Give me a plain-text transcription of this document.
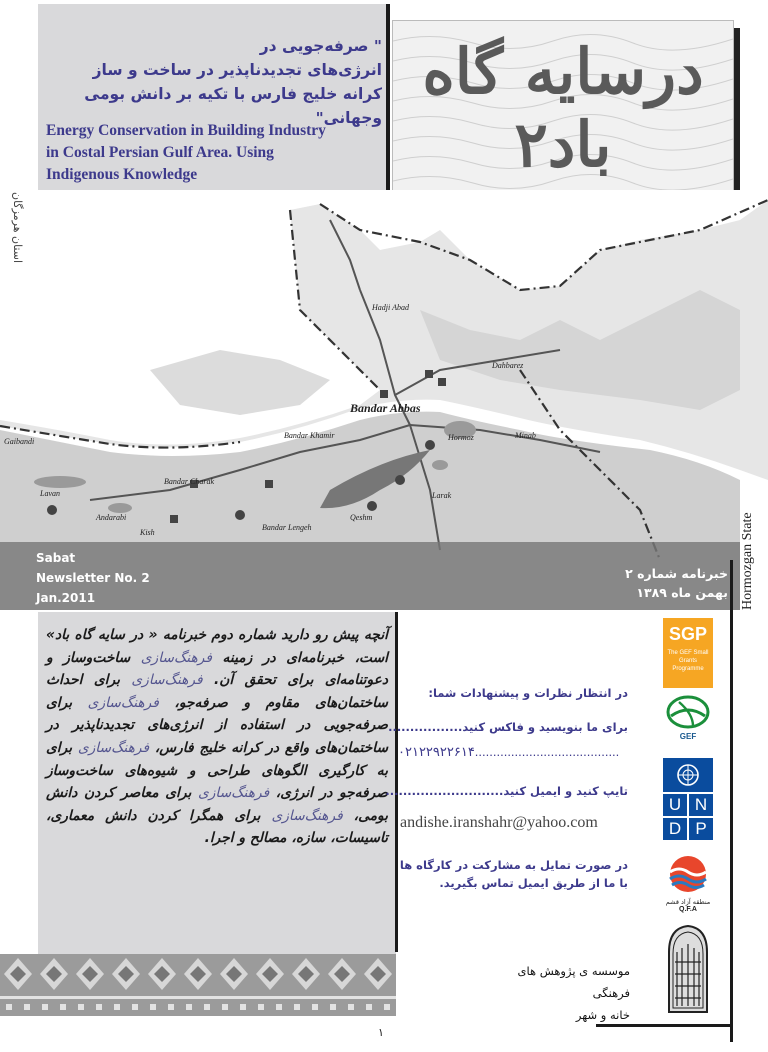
" صرفه‌جویی در
انرژی‌های تجدیدناپذیر در ساخت و ساز
کرانه خلیج فارس با تکیه بر دانش بومی وجهانی"
Energy Conservation in Building Industry
in Costal Persian Gulf Area. Using
Indigenous Knowledge
درسایه گاه باد۲
Hadji Abad
Bandar Abbas
Dahbarez
Minab
Hormoz
Larak
Bandar Khamir
Bandar Charak
Gaibandi
Lavan
Andarabi
Kish
Qeshm
Bandar Lengeh
استان هرمزگان
Sabat
Newsletter No. 2
Jan.2011
خبرنامه شماره ۲
بهمن ماه ۱۳۸۹ Hormozgan State
آنچه پیش رو دارید شماره دوم خبرنامه « در سایه گاه باد» است، خبرنامه‌ای در زمینه فرهنگ‌سازی ساخت‌وساز و دعوتنامه‌ای برای تحقق آن. فرهنگ‌سازی برای احداث ساختمان‌های مقاوم و صرفه‌جو، فرهنگ‌سازی برای صرفه‌جویی در استفاده از انرژی‌های تجدیدناپذیر در ساختمان‌های واقع در کرانه خلیج فارس، فرهنگ‌سازی برای به کارگیری الگوهای طراحی و شیوه‌های ساخت‌وساز صرفه‌جو در انرژی، فرهنگ‌سازی برای معاصر کردن دانش بومی، فرهنگ‌سازی برای همگرا کردن دانش معماری، تاسیسات، سازه، مصالح و اجرا.
در انتظار نظرات و پیشنهادات شما:
برای ما بنویسید و فاکس کنید.................
تایپ کنید و ایمیل کنید...........................
در صورت تمایل به مشارکت در کارگاه ها
با ما از طریق ایمیل تماس بگیرید.
۰۲۱۲۲۹۲۲۶۱۴........................................
andishe.iranshahr@yahoo.com
موسسه ی پژوهش های فرهنگی
خانه و شهر
SGP
The GEF Small Grants Programme
GEF
U N
D P
منطقه آزاد قشم
Q.F.A
۱
